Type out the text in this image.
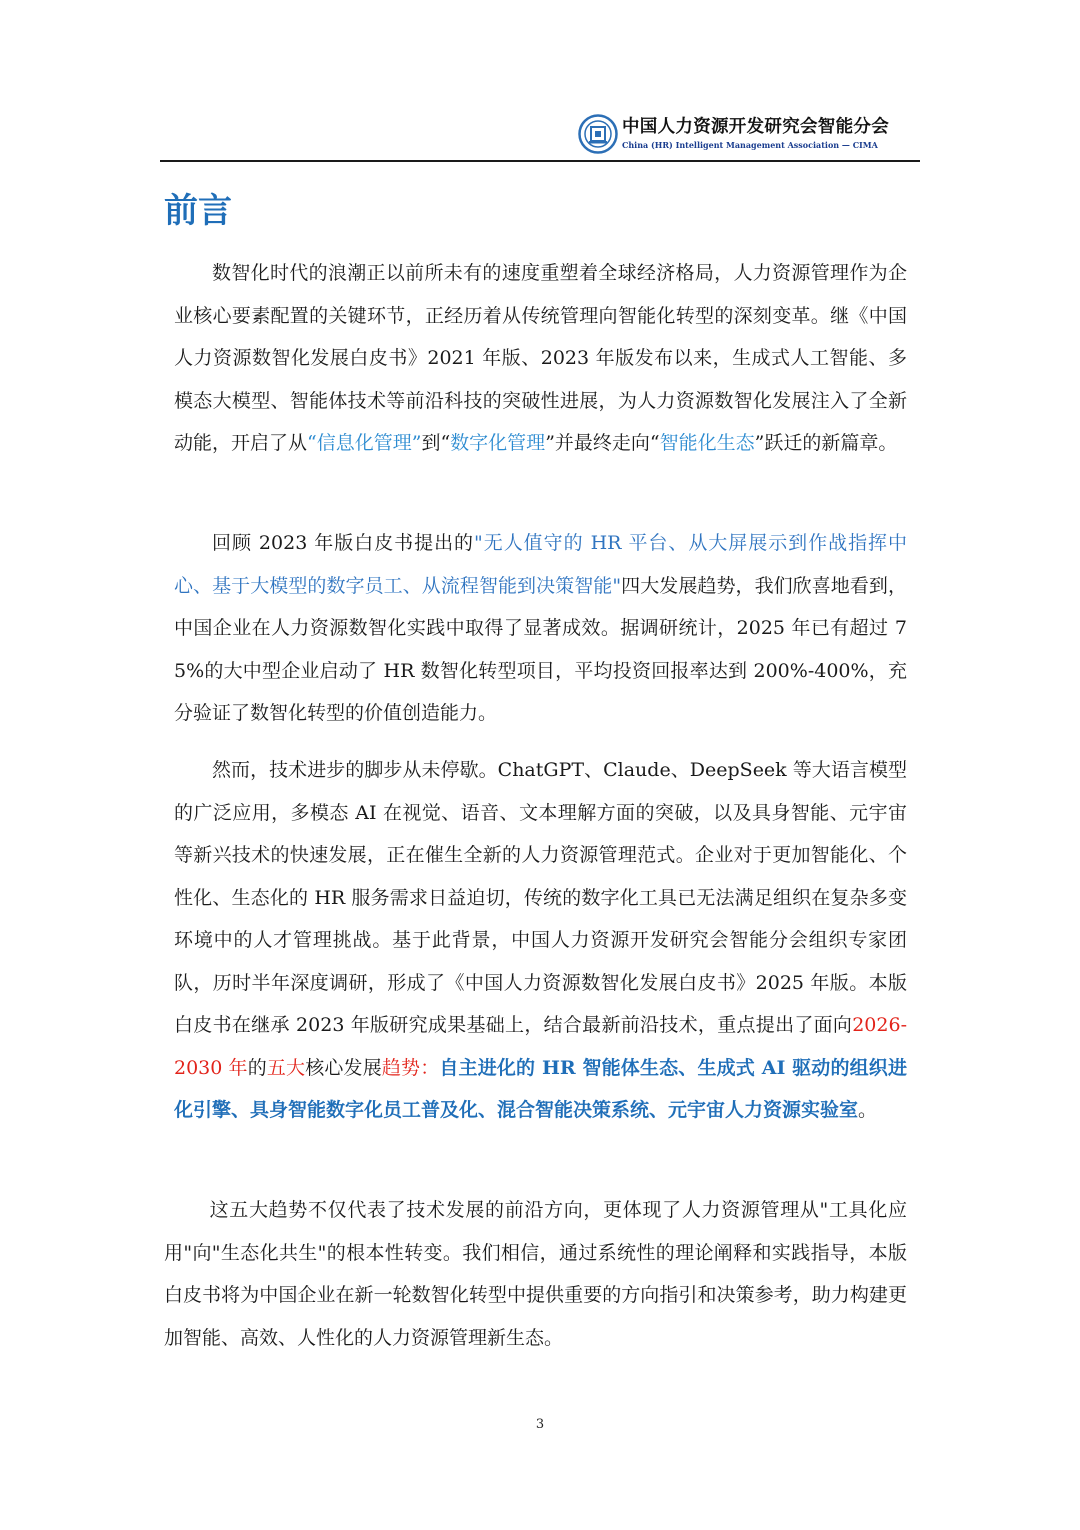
中国人力资源开发研究会智能分会
China (HR) Intelligent Management Association — CIMA
前言

数智化时代的浪潮正以前所未有的速度重塑着全球经济格局，人力资源管理作为企业核心要素配置的关键环节，正经历着从传统管理向智能化转型的深刻变革。继《中国人力资源数智化发展白皮书》2021 年版、2023 年版发布以来，生成式人工智能、多模态大模型、智能体技术等前沿科技的突破性进展，为人力资源数智化发展注入了全新动能，开启了从“信息化管理”到“数字化管理”并最终走向“智能化生态”跃迁的新篇章。

回顾 2023 年版白皮书提出的"无人值守的 HR 平台、从大屏展示到作战指挥中心、基于大模型的数字员工、从流程智能到决策智能"四大发展趋势，我们欣喜地看到，中国企业在人力资源数智化实践中取得了显著成效。据调研统计，2025 年已有超过 75%的大中型企业启动了 HR 数智化转型项目，平均投资回报率达到 200%-400%，充分验证了数智化转型的价值创造能力。

然而，技术进步的脚步从未停歇。ChatGPT、Claude、DeepSeek 等大语言模型的广泛应用，多模态 AI 在视觉、语音、文本理解方面的突破，以及具身智能、元宇宙等新兴技术的快速发展，正在催生全新的人力资源管理范式。企业对于更加智能化、个性化、生态化的 HR 服务需求日益迫切，传统的数字化工具已无法满足组织在复杂多变环境中的人才管理挑战。基于此背景，中国人力资源开发研究会智能分会组织专家团队，历时半年深度调研，形成了《中国人力资源数智化发展白皮书》2025 年版。本版白皮书在继承 2023 年版研究成果基础上，结合最新前沿技术，重点提出了面向2026-2030 年的五大核心发展趋势：自主进化的 HR 智能体生态、生成式 AI 驱动的组织进化引擎、具身智能数字化员工普及化、混合智能决策系统、元宇宙人力资源实验室。

这五大趋势不仅代表了技术发展的前沿方向，更体现了人力资源管理从"工具化应用"向"生态化共生"的根本性转变。我们相信，通过系统性的理论阐释和实践指导，本版白皮书将为中国企业在新一轮数智化转型中提供重要的方向指引和决策参考，助力构建更加智能、高效、人性化的人力资源管理新生态。

3
